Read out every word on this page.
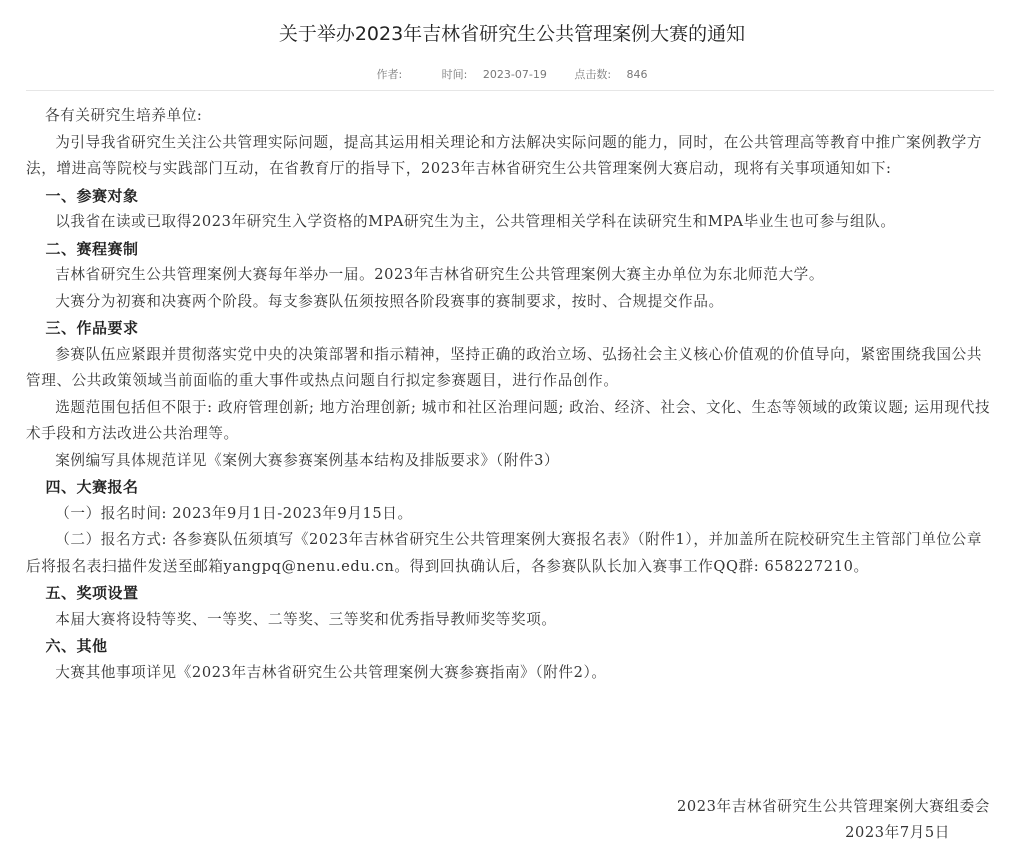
关于举办2023年吉林省研究生公共管理案例大赛的通知
作者:	时间: 2023-07-19	点击数: 846

各有关研究生培养单位:

为引导我省研究生关注公共管理实际问题，提高其运用相关理论和方法解决实际问题的能力，同时，在公共管理高等教育中推广案例教学方法，增进高等院校与实践部门互动，在省教育厅的指导下，2023年吉林省研究生公共管理案例大赛启动，现将有关事项通知如下:

一、参赛对象

以我省在读或已取得2023年研究生入学资格的MPA研究生为主，公共管理相关学科在读研究生和MPA毕业生也可参与组队。

二、赛程赛制

吉林省研究生公共管理案例大赛每年举办一届。2023年吉林省研究生公共管理案例大赛主办单位为东北师范大学。

大赛分为初赛和决赛两个阶段。每支参赛队伍须按照各阶段赛事的赛制要求，按时、合规提交作品。

三、作品要求

参赛队伍应紧跟并贯彻落实党中央的决策部署和指示精神，坚持正确的政治立场、弘扬社会主义核心价值观的价值导向，紧密围绕我国公共管理、公共政策领域当前面临的重大事件或热点问题自行拟定参赛题目，进行作品创作。

选题范围包括但不限于: 政府管理创新; 地方治理创新; 城市和社区治理问题; 政治、经济、社会、文化、生态等领域的政策议题; 运用现代技术手段和方法改进公共治理等。

案例编写具体规范详见《案例大赛参赛案例基本结构及排版要求》（附件3）

四、大赛报名

（一）报名时间: 2023年9月1日-2023年9月15日。

（二）报名方式: 各参赛队伍须填写《2023年吉林省研究生公共管理案例大赛报名表》（附件1），并加盖所在院校研究生主管部门单位公章后将报名表扫描件发送至邮箱yangpq@nenu.edu.cn。得到回执确认后，各参赛队队长加入赛事工作QQ群: 658227210。

五、奖项设置

本届大赛将设特等奖、一等奖、二等奖、三等奖和优秀指导教师奖等奖项。

六、其他

大赛其他事项详见《2023年吉林省研究生公共管理案例大赛参赛指南》（附件2）。

2023年吉林省研究生公共管理案例大赛组委会
2023年7月5日
